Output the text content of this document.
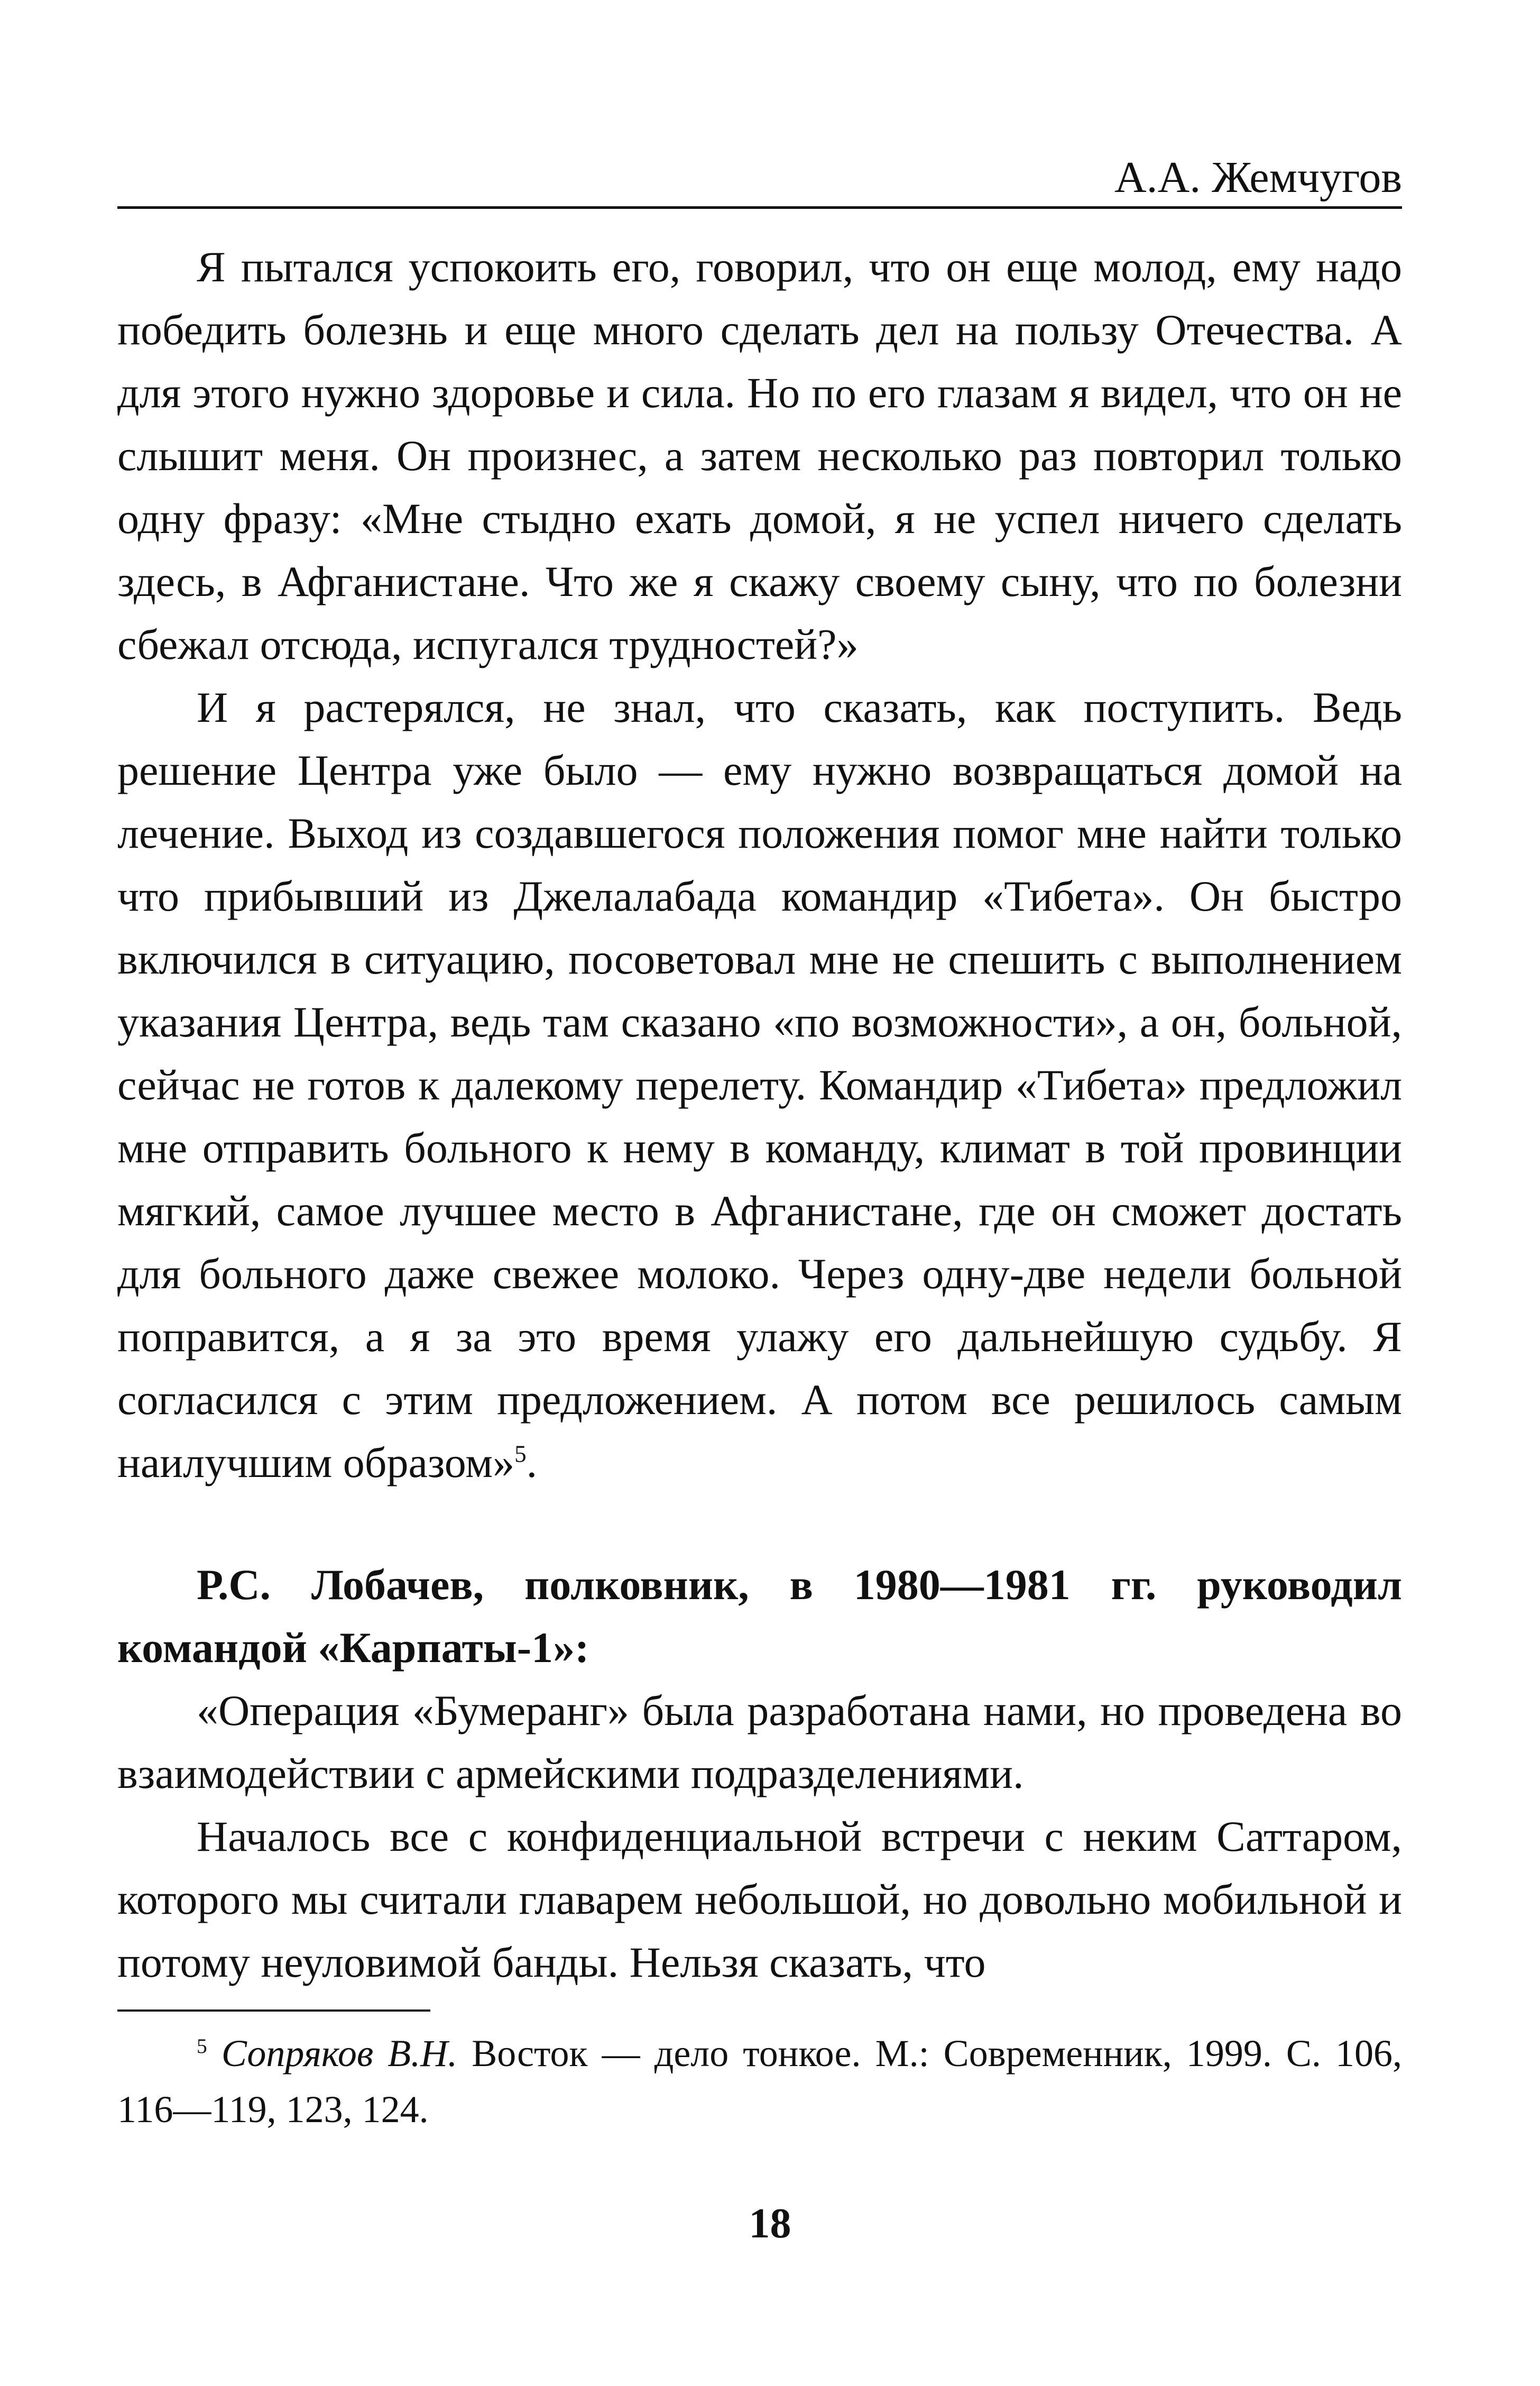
А.А. Жемчугов

Я пытался успокоить его, говорил, что он еще молод, ему надо победить болезнь и еще много сделать дел на пользу Отечества. А для этого нужно здоровье и сила. Но по его глазам я видел, что он не слышит меня. Он произнес, а затем несколько раз повторил только одну фразу: «Мне стыдно ехать домой, я не успел ничего сделать здесь, в Афганистане. Что же я скажу своему сыну, что по болезни сбежал отсюда, испугался трудностей?»

И я растерялся, не знал, что сказать, как поступить. Ведь решение Центра уже было — ему нужно возвращаться домой на лечение. Выход из создавшегося положения помог мне найти только что прибывший из Джелалабада командир «Тибета». Он быстро включился в ситуацию, посоветовал мне не спешить с выполнением указания Центра, ведь там сказано «по возможности», а он, больной, сейчас не готов к далекому перелету. Командир «Тибета» предложил мне отправить больного к нему в команду, климат в той провинции мягкий, самое лучшее место в Афганистане, где он сможет достать для больного даже свежее молоко. Через одну-две недели больной поправится, а я за это время улажу его дальнейшую судьбу. Я согласился с этим предложением. А потом все решилось самым наилучшим образом»$^5$.

Р.С. Лобачев, полковник, в 1980—1981 гг. руководил командой «Карпаты-1»:

«Операция «Бумеранг» была разработана нами, но проведена во взаимодействии с армейскими подразделениями.

Началось все с конфиденциальной встречи с неким Саттаром, которого мы считали главарем небольшой, но довольно мобильной и потому неуловимой банды. Нельзя сказать, что

$^5$ Сопряков В.Н. Восток — дело тонкое. М.: Современник, 1999. С. 106, 116—119, 123, 124.

18
